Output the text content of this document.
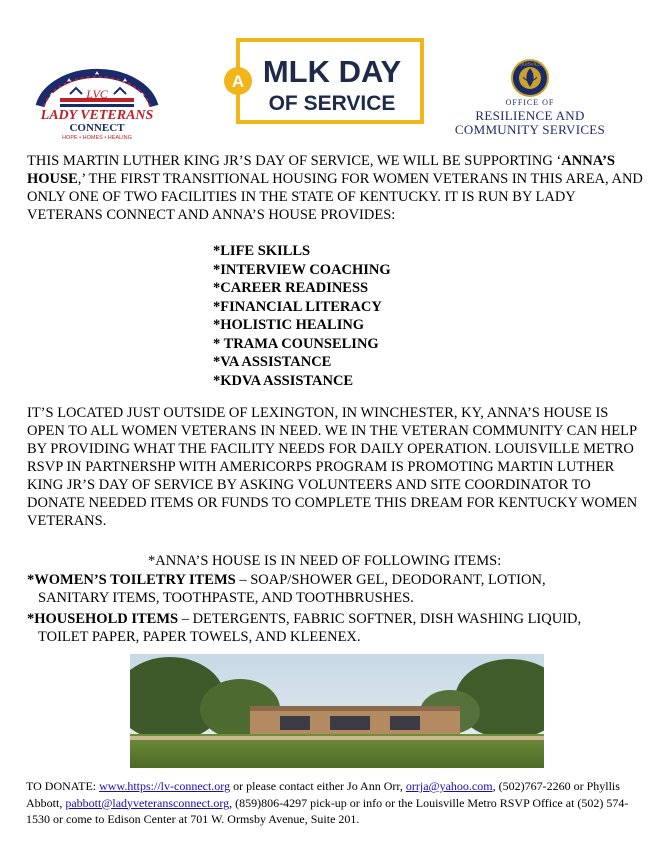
LVC
LADY VETERANS
CONNECT
HOPE • HOMES • HEALING
A MLK DAY
OF SERVICE
LOUISVILLE
OFFICE OF
RESILIENCE AND
COMMUNITY SERVICES
THIS MARTIN LUTHER KING JR’S DAY OF SERVICE, WE WILL BE SUPPORTING ‘ANNA’S HOUSE,’ THE FIRST TRANSITIONAL HOUSING FOR WOMEN VETERANS IN THIS AREA, AND ONLY ONE OF TWO FACILITIES IN THE STATE OF KENTUCKY. IT IS RUN BY LADY VETERANS CONNECT AND ANNA’S HOUSE PROVIDES:
*LIFE SKILLS
*INTERVIEW COACHING
*CAREER READINESS
*FINANCIAL LITERACY
*HOLISTIC HEALING
* TRAMA COUNSELING
*VA ASSISTANCE
*KDVA ASSISTANCE
IT’S LOCATED JUST OUTSIDE OF LEXINGTON, IN WINCHESTER, KY, ANNA’S HOUSE IS OPEN TO ALL WOMEN VETERANS IN NEED. WE IN THE VETERAN COMMUNITY CAN HELP BY PROVIDING WHAT THE FACILITY NEEDS FOR DAILY OPERATION. LOUISVILLE METRO RSVP IN PARTNERSHP WITH AMERICORPS PROGRAM IS PROMOTING MARTIN LUTHER KING JR’S DAY OF SERVICE BY ASKING VOLUNTEERS AND SITE COORDINATOR TO DONATE NEEDED ITEMS OR FUNDS TO COMPLETE THIS DREAM FOR KENTUCKY WOMEN VETERANS.
*ANNA’S HOUSE IS IN NEED OF FOLLOWING ITEMS:
*WOMEN’S TOILETRY ITEMS – SOAP/SHOWER GEL, DEODORANT, LOTION,
SANITARY ITEMS, TOOTHPASTE, AND TOOTHBRUSHES.
*HOUSEHOLD ITEMS – DETERGENTS, FABRIC SOFTNER, DISH WASHING LIQUID,
TOILET PAPER, PAPER TOWELS, AND KLEENEX.
TO DONATE: www.https://lv-connect.org or please contact either Jo Ann Orr, orrja@yahoo.com, (502)767-2260 or Phyllis Abbott, pabbott@ladyveteransconnect.org, (859)806-4297 pick-up or info or the Louisville Metro RSVP Office at (502) 574-1530 or come to Edison Center at 701 W. Ormsby Avenue, Suite 201.
